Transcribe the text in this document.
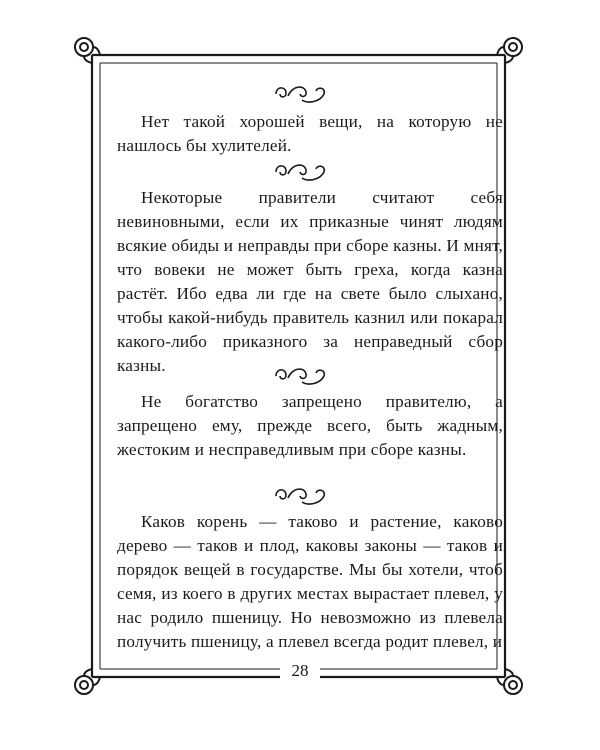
Нет такой хорошей вещи, на которую не нашлось бы хулителей.

Некоторые правители считают себя невиновными, если их приказные чинят людям всякие обиды и неправды при сборе казны. И мнят, что вовеки не может быть греха, когда казна растёт. Ибо едва ли где на свете было слыхано, чтобы какой-нибудь правитель казнил или покарал какого-либо приказного за неправедный сбор казны.

Не богатство запрещено правителю, а запрещено ему, прежде всего, быть жадным, жестоким и несправедливым при сборе казны.

Каков корень — таково и растение, каково дерево — таков и плод, каковы законы — таков и порядок вещей в государстве. Мы бы хотели, чтоб семя, из коего в других местах вырастает плевел, у нас родило пшеницу. Но невозможно из плевела получить пшеницу, а плевел всегда родит плевел, и

28
